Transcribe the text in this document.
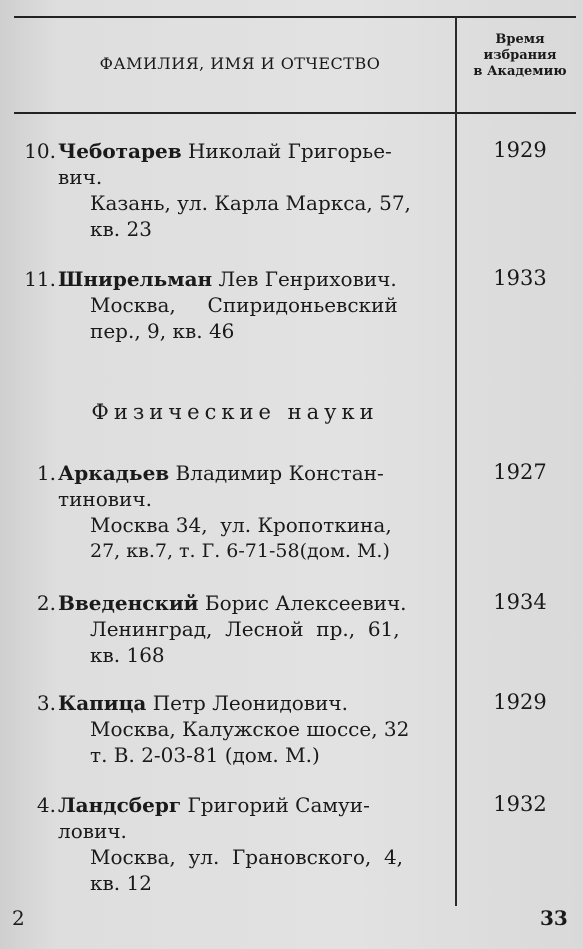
ФАМИЛИЯ, ИМЯ И ОТЧЕСТВО
Время
избрания
в Академию
10. Чеботарев Николай Григорье-
вич.
Казань, ул. Карла Маркса, 57,
кв. 23
1929
11. Шнирельман Лев Генрихович.
Москва,     Спиридоньевский
пер., 9, кв. 46
1933
Физические науки
1. Аркадьев Владимир Констан-
тинович.
Москва 34,  ул. Кропоткина,
27, кв.7, т. Г. 6-71-58(дом. М.)
1927
2. Введенский Борис Алексеевич.
Ленинград,  Лесной  пр.,  61,
кв. 168
1934
3. Капица Петр Леонидович.
Москва, Калужское шоссе, 32
т. В. 2-03-81 (дом. М.)
1929
4. Ландсберг Григорий Самуи-
лович.
Москва,  ул.  Грановского,  4,
кв. 12
1932
2	33
